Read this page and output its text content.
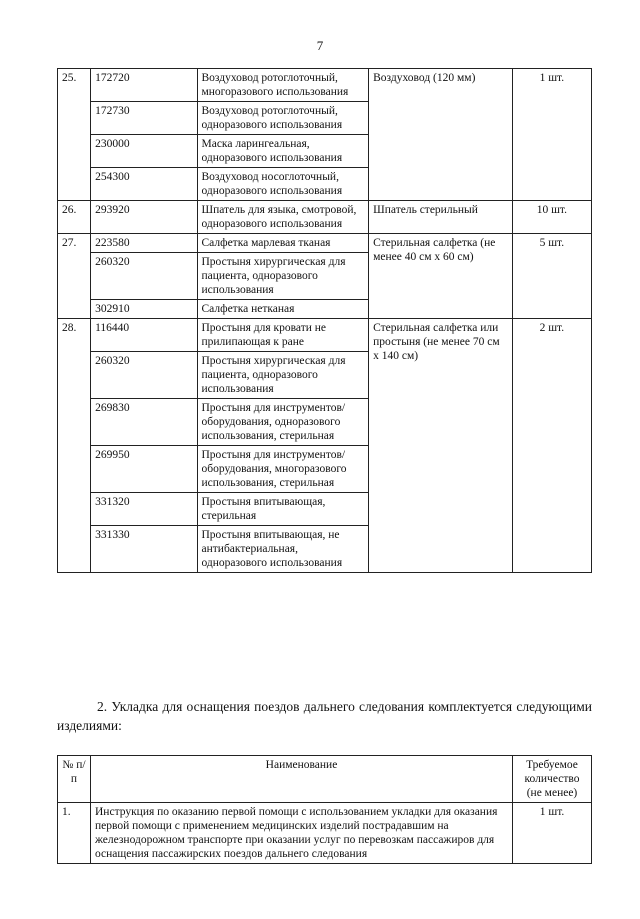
7
25.	172720	Воздуховод ротоглоточный, многоразового использования	Воздуховод (120 мм)	1 шт.
	172730	Воздуховод ротоглоточный, одноразового использования		
	230000	Маска ларингеальная, одноразового использования		
	254300	Воздуховод носоглоточный, одноразового использования		
26.	293920	Шпатель для языка, смотровой, одноразового использования	Шпатель стерильный	10 шт.
27.	223580	Салфетка марлевая тканая	Стерильная салфетка (не менее 40 см х 60 см)	5 шт.
	260320	Простыня хирургическая для пациента, одноразового использования		
	302910	Салфетка нетканая		
28.	116440	Простыня для кровати не прилипающая к ране	Стерильная салфетка или простыня (не менее 70 см х 140 см)	2 шт.
	260320	Простыня хирургическая для пациента, одноразового использования		
	269830	Простыня для инструментов/оборудования, одноразового использования, стерильная		
	269950	Простыня для инструментов/оборудования, многоразового использования, стерильная		
	331320	Простыня впитывающая, стерильная		
	331330	Простыня впитывающая, не антибактериальная, одноразового использования		
2. Укладка для оснащения поездов дальнего следования комплектуется следующими изделиями:
№ п/п	Наименование	Требуемое количество (не менее)
1.	Инструкция по оказанию первой помощи с использованием укладки для оказания первой помощи с применением медицинских изделий пострадавшим на железнодорожном транспорте при оказании услуг по перевозкам пассажиров для оснащения пассажирских поездов дальнего следования	1 шт.
